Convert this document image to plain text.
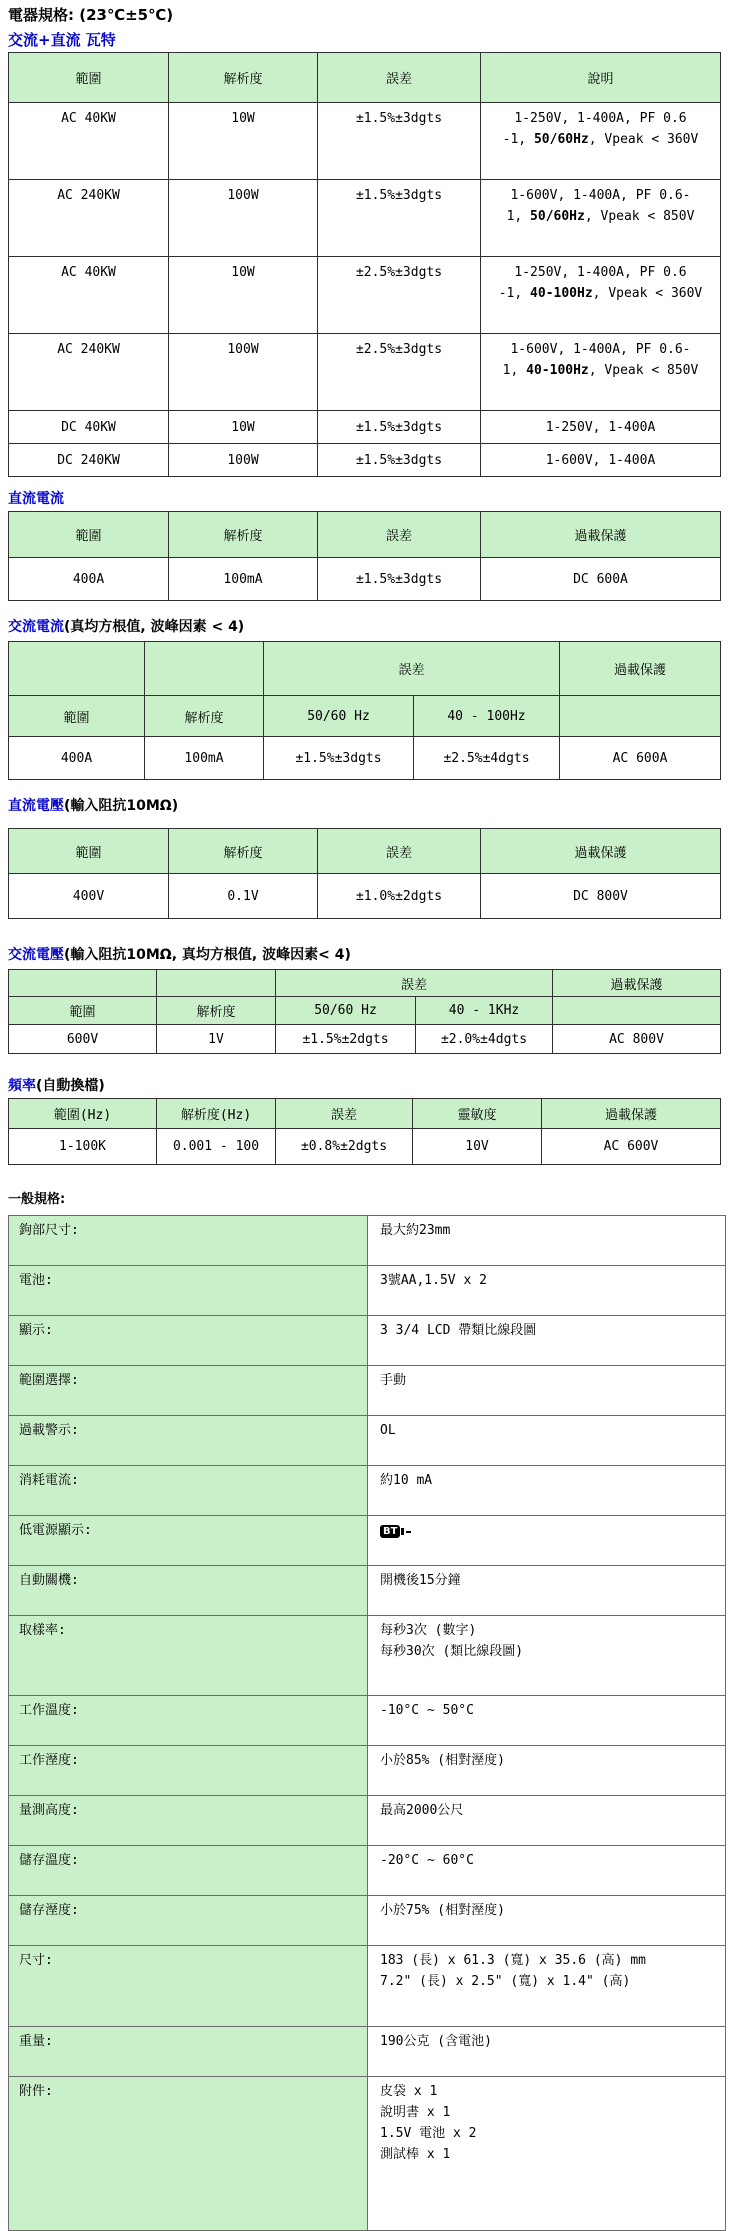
電器規格: (23℃±5℃)
交流+直流 瓦特
範圍	解析度	誤差	說明
AC 40KW	10W	±1.5%±3dgts	1-250V, 1-400A, PF 0.6
-1, 50/60Hz, Vpeak < 360V

AC 240KW	100W	±1.5%±3dgts	1-600V, 1-400A, PF 0.6-
1, 50/60Hz, Vpeak < 850V

AC 40KW	10W	±2.5%±3dgts	1-250V, 1-400A, PF 0.6
-1, 40-100Hz, Vpeak < 360V

AC 240KW	100W	±2.5%±3dgts	1-600V, 1-400A, PF 0.6-
1, 40-100Hz, Vpeak < 850V

DC 40KW	10W	±1.5%±3dgts	1-250V, 1-400A
DC 240KW	100W	±1.5%±3dgts	1-600V, 1-400A
直流電流
範圍	解析度	誤差	過載保護
400A	100mA	±1.5%±3dgts	DC 600A
交流電流(真均方根值, 波峰因素 < 4)
		誤差		過載保護
範圍	解析度	50/60 Hz	40 - 100Hz	
400A	100mA	±1.5%±3dgts	±2.5%±4dgts	AC 600A
直流電壓(輸入阻抗10MΩ)
範圍	解析度	誤差	過載保護
400V	0.1V	±1.0%±2dgts	DC 800V
交流電壓(輸入阻抗10MΩ, 真均方根值, 波峰因素< 4)
		誤差		過載保護
範圍	解析度	50/60 Hz	40 - 1KHz	
600V	1V	±1.5%±2dgts	±2.0%±4dgts	AC 800V
頻率(自動換檔)
範圍(Hz)	解析度(Hz)	誤差	靈敏度	過載保護
1-100K	0.001 - 100	±0.8%±2dgts	10V	AC 600V
一般規格:
鉤部尺寸:	最大約23mm

電池:	3號AA,1.5V x 2

顯示:	3 3/4 LCD 帶類比線段圖

範圍選擇:	手動

過載警示:	OL

消耗電流:	約10 mA

低電源顯示:	BT

自動關機:	開機後15分鐘

取樣率:	每秒3次 (數字)
每秒30次 (類比線段圖)

工作溫度:	-10°C ~ 50°C

工作溼度:	小於85% (相對溼度)

量測高度:	最高2000公尺

儲存溫度:	-20°C ~ 60°C

儲存溼度:	小於75% (相對溼度)

尺寸:	183 (長) x 61.3 (寬) x 35.6 (高) mm
7.2" (長) x 2.5" (寬) x 1.4" (高)

重量:	190公克 (含電池)

附件:	皮袋 x 1
說明書 x 1
1.5V 電池 x 2
測試棒 x 1
